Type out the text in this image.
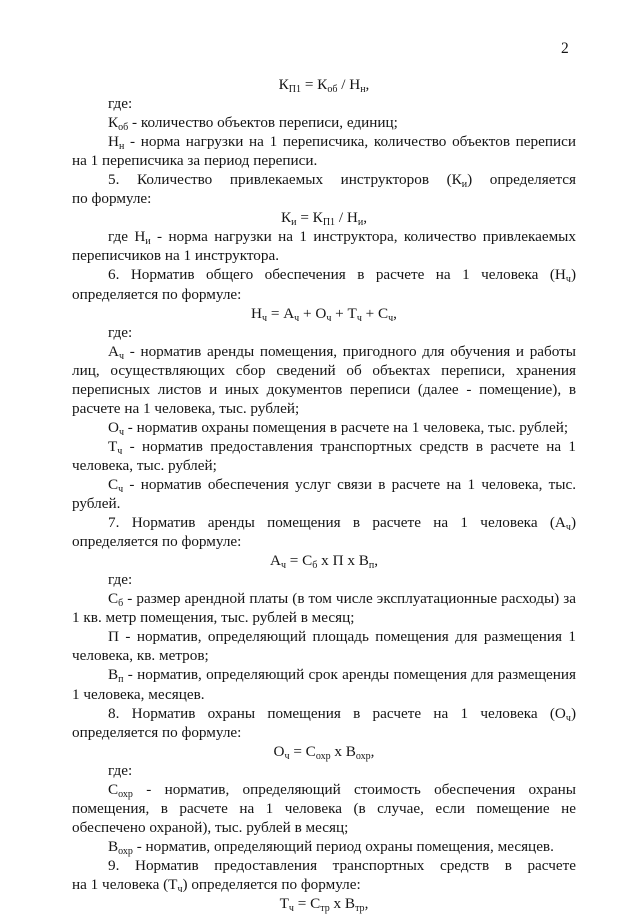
2

$К_{П1} = К_{об} / Н_н$,

где:

$К_{об}$ - количество объектов переписи, единиц;

$Н_н$ - норма нагрузки на 1 переписчика, количество объектов переписи на 1 переписчика за период переписи.

5. Количество привлекаемых инструкторов $(К_и)$ определяется

по формуле:

$К_и = К_{П1} / Н_и$,

где $Н_и$ - норма нагрузки на 1 инструктора, количество привлекаемых переписчиков на 1 инструктора.

6. Норматив общего обеспечения в расчете на 1 человека $(Н_ч)$ определяется по формуле:

$Н_ч = А_ч + О_ч + Т_ч + С_ч$,

где:

$А_ч$ - норматив аренды помещения, пригодного для обучения и работы лиц, осуществляющих сбор сведений об объектах переписи, хранения переписных листов и иных документов переписи (далее - помещение), в расчете на 1 человека, тыс. рублей;

$О_ч$ - норматив охраны помещения в расчете на 1 человека, тыс. рублей;

$Т_ч$ - норматив предоставления транспортных средств в расчете на 1 человека, тыс. рублей;

$С_ч$ - норматив обеспечения услуг связи в расчете на 1 человека, тыс. рублей.

7. Норматив аренды помещения в расчете на 1 человека $(А_ч)$ определяется по формуле:

$А_ч = С_б$ x П x $В_п$,

где:

$С_б$ - размер арендной платы (в том числе эксплуатационные расходы) за 1 кв. метр помещения, тыс. рублей в месяц;

П - норматив, определяющий площадь помещения для размещения 1 человека, кв. метров;

$В_п$ - норматив, определяющий срок аренды помещения для размещения 1 человека, месяцев.

8. Норматив охраны помещения в расчете на 1 человека $(О_ч)$ определяется по формуле:

$О_ч = С_{охр}$ x $В_{охр}$,

где:

$С_{охр}$ - норматив, определяющий стоимость обеспечения охраны помещения, в расчете на 1 человека (в случае, если помещение не обеспечено охраной), тыс. рублей в месяц;

$В_{охр}$ - норматив, определяющий период охраны помещения, месяцев.

9. Норматив предоставления транспортных средств в расчете

на 1 человека $(Т_ч)$ определяется по формуле:

$Т_ч = С_{тр}$ x $В_{тр}$,
